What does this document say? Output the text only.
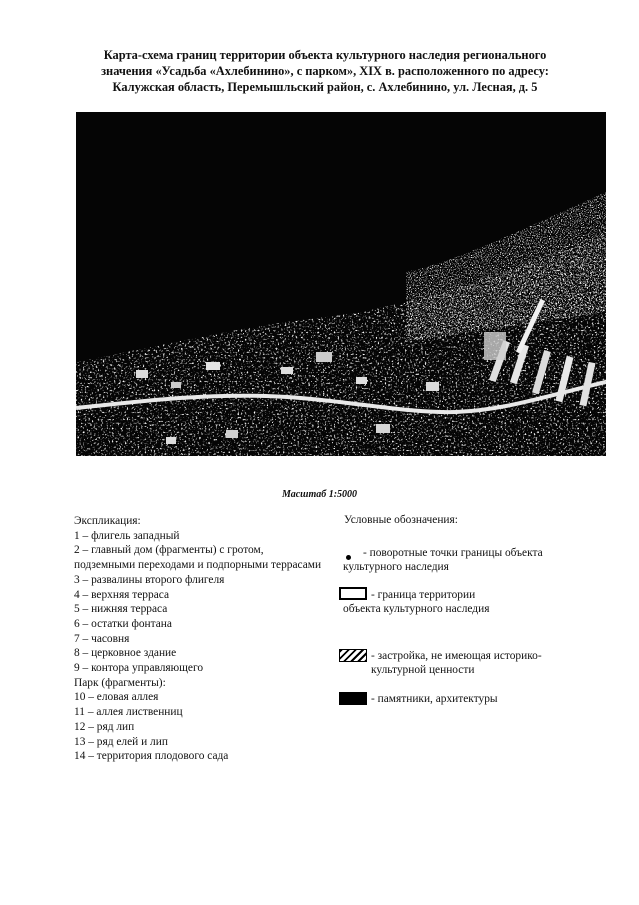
Карта-схема границ территории объекта культурного наследия регионального
значения «Усадьба «Ахлебинино», с парком», XIX в. расположенного по адресу:
Калужская область, Перемышльский район, с. Ахлебинино, ул. Лесная, д. 5
Масштаб 1:5000
Экспликация:
1 – флигель западный
2 – главный дом (фрагменты) с гротом, подземными переходами и подпорными террасами
3 – развалины второго флигеля
4 – верхняя терраса
5 – нижняя терраса
6 – остатки фонтана
7 – часовня
8 – церковное здание
9 – контора управляющего
Парк (фрагменты):
10 – еловая аллея
11 – аллея лиственниц
12 – ряд лип
13 – ряд елей и лип
14 – территория плодового сада
Условные обозначения:
- поворотные точки границы объекта культурного наследия
- граница территории объекта культурного наследия
- застройка, не имеющая историко-культурной ценности
- памятники, архитектуры
